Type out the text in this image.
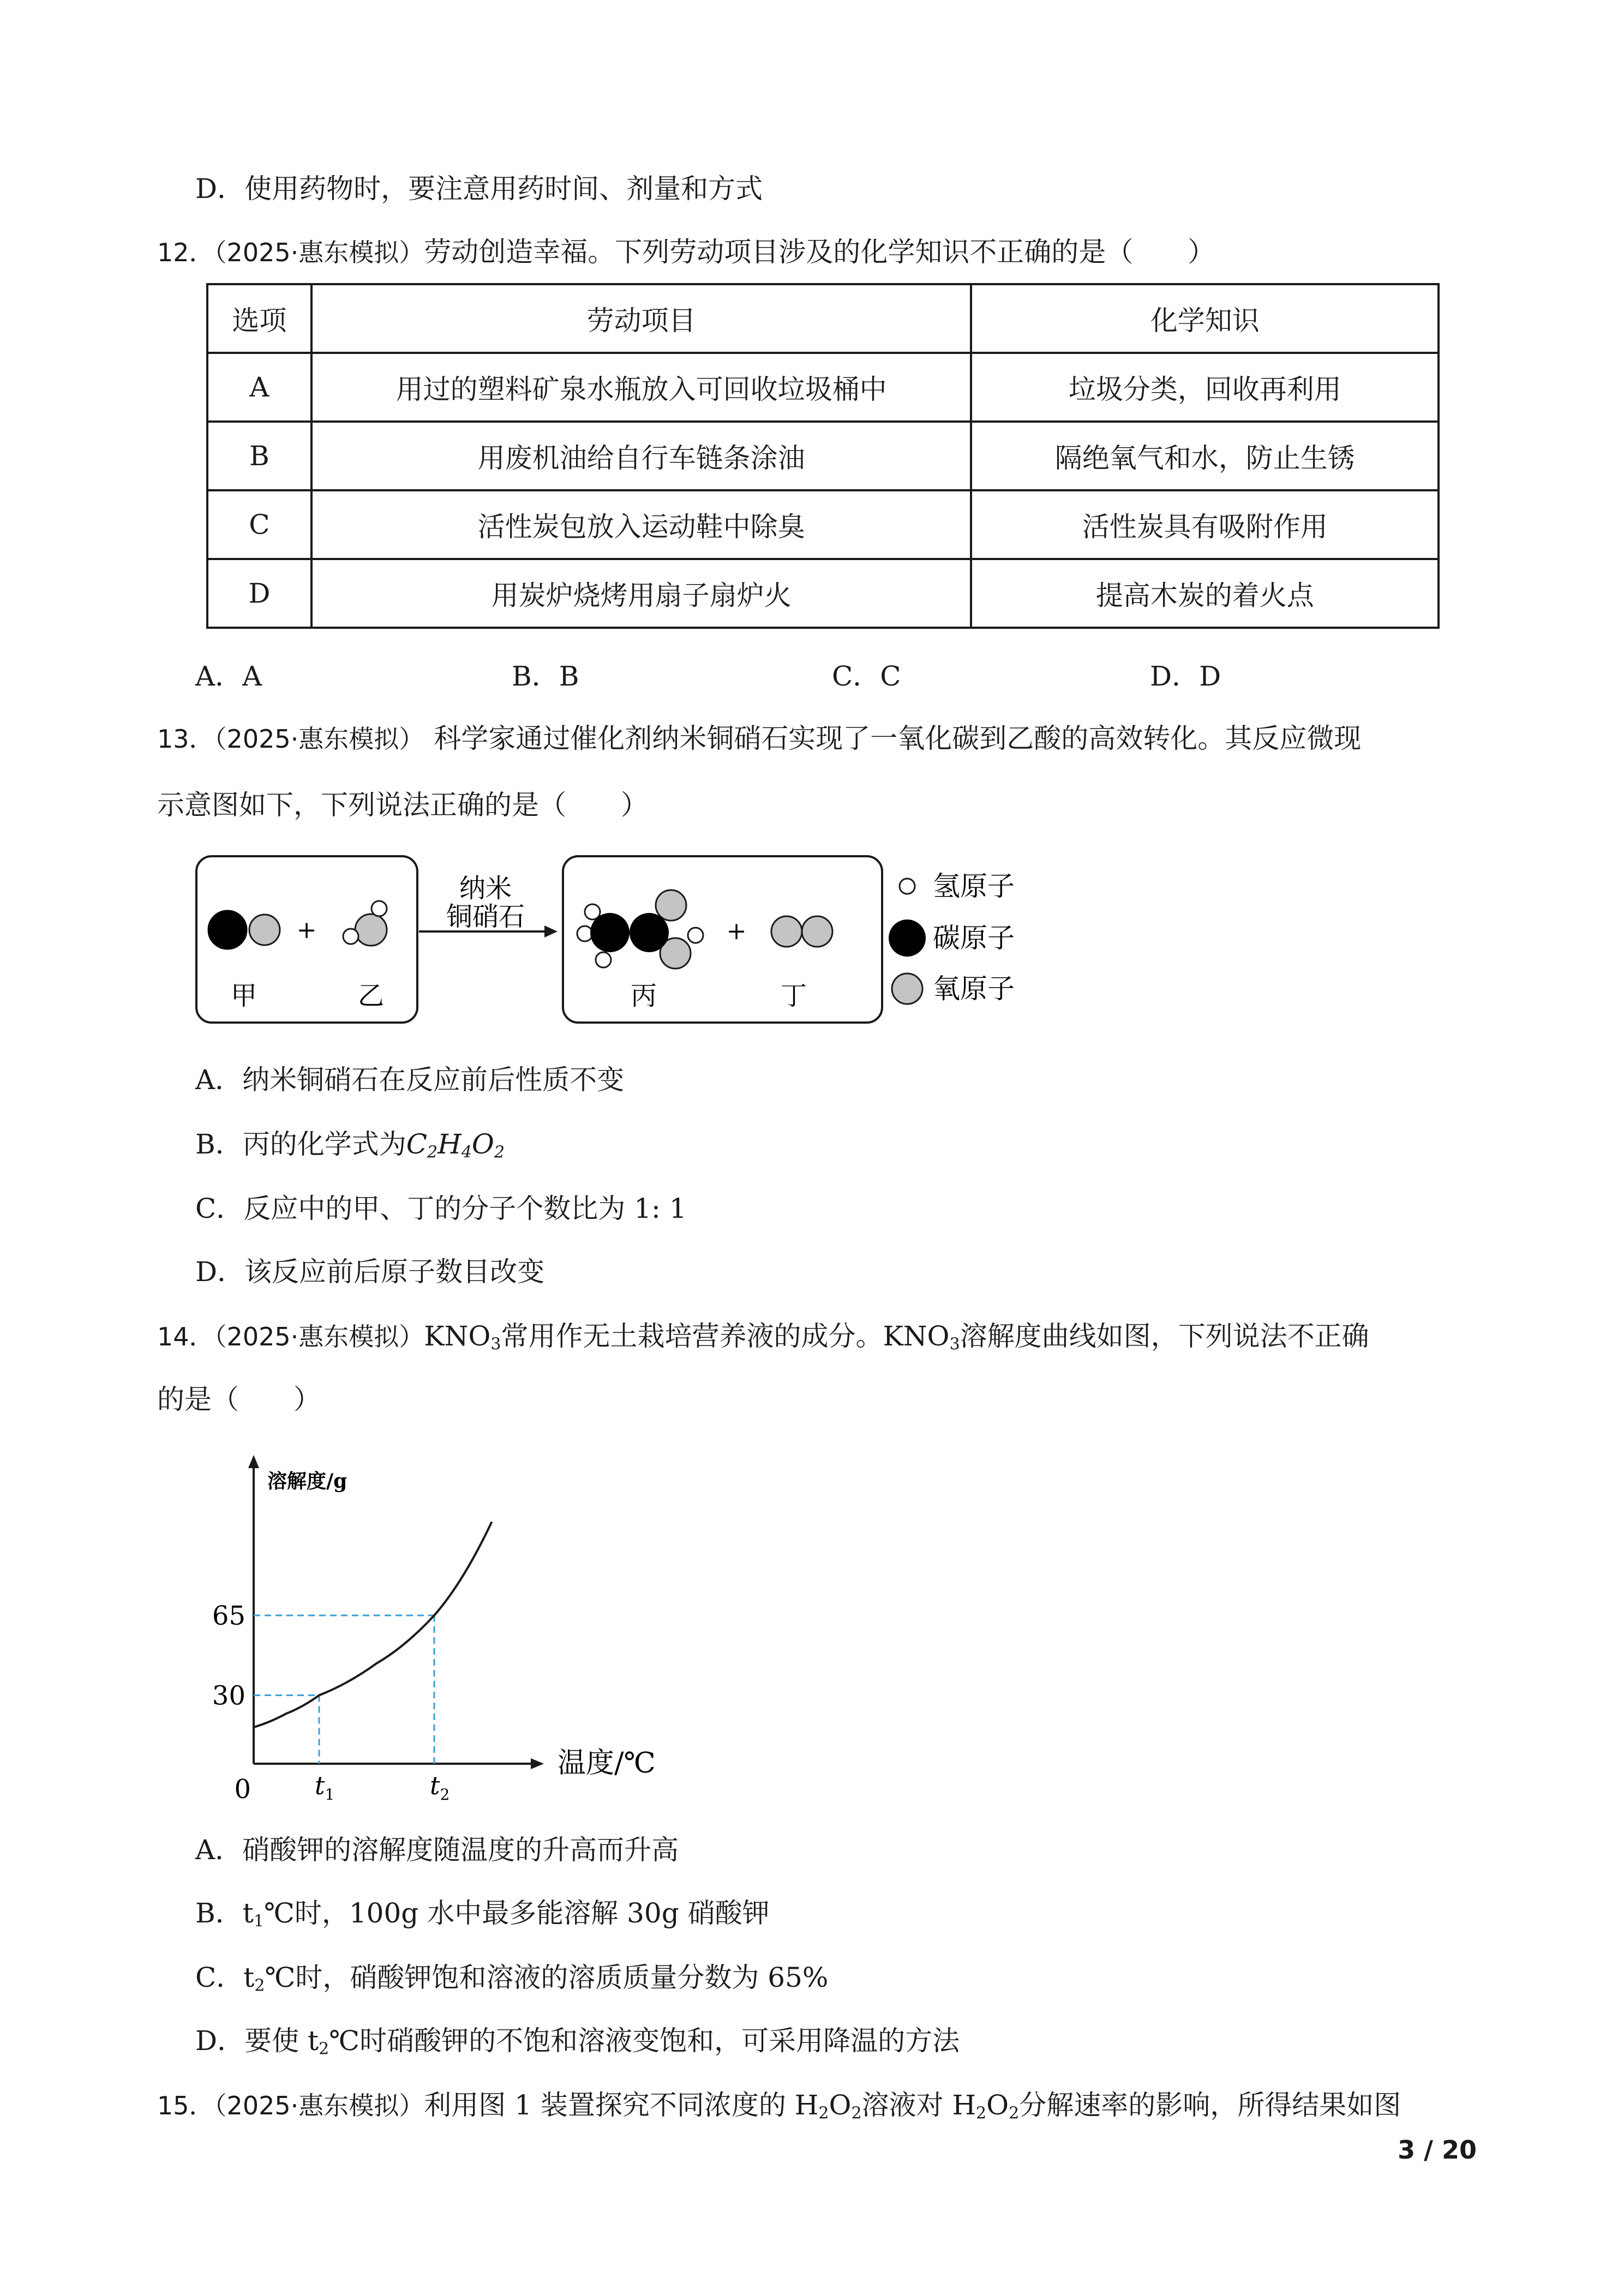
D．使用药物时，要注意用药时间、剂量和方式
12．（2025·惠东模拟）劳动创造幸福。下列劳动项目涉及的化学知识不正确的是（　　）
选项	劳动项目	化学知识
A	用过的塑料矿泉水瓶放入可回收垃圾桶中	垃圾分类，回收再利用
B	用废机油给自行车链条涂油	隔绝氧气和水，防止生锈
C	活性炭包放入运动鞋中除臭	活性炭具有吸附作用
D	用炭炉烧烤用扇子扇炉火	提高木炭的着火点
A．A	B．B	C．C	D．D
13．（2025·惠东模拟） 科学家通过催化剂纳米铜硝石实现了一氧化碳到乙酸的高效转化。其反应微现
示意图如下，下列说法正确的是（　　）
+
甲	乙
纳米
铜硝石	+
丙	丁
氢原子
碳原子
氧原子
A．纳米铜硝石在反应前后性质不变
B．丙的化学式为$C_2H_4O_2$
C．反应中的甲、丁的分子个数比为 1: 1
D．该反应前后原子数目改变
14．（2025·惠东模拟）$KNO_3$常用作无土栽培营养液的成分。$KNO_3$溶解度曲线如图，下列说法不正确
的是（　　）
溶解度/g
温度/℃
0
65
30
$t_1$	$t_2$
A．硝酸钾的溶解度随温度的升高而升高
B．$t_1℃$时，100g 水中最多能溶解 30g 硝酸钾
C．$t_2℃$时，硝酸钾饱和溶液的溶质质量分数为 65%
D．要使 $t_2℃$时硝酸钾的不饱和溶液变饱和，可采用降温的方法
15．（2025·惠东模拟）利用图 1 装置探究不同浓度的 $H_2O_2$溶液对 $H_2O_2$分解速率的影响，所得结果如图
3 / 20
